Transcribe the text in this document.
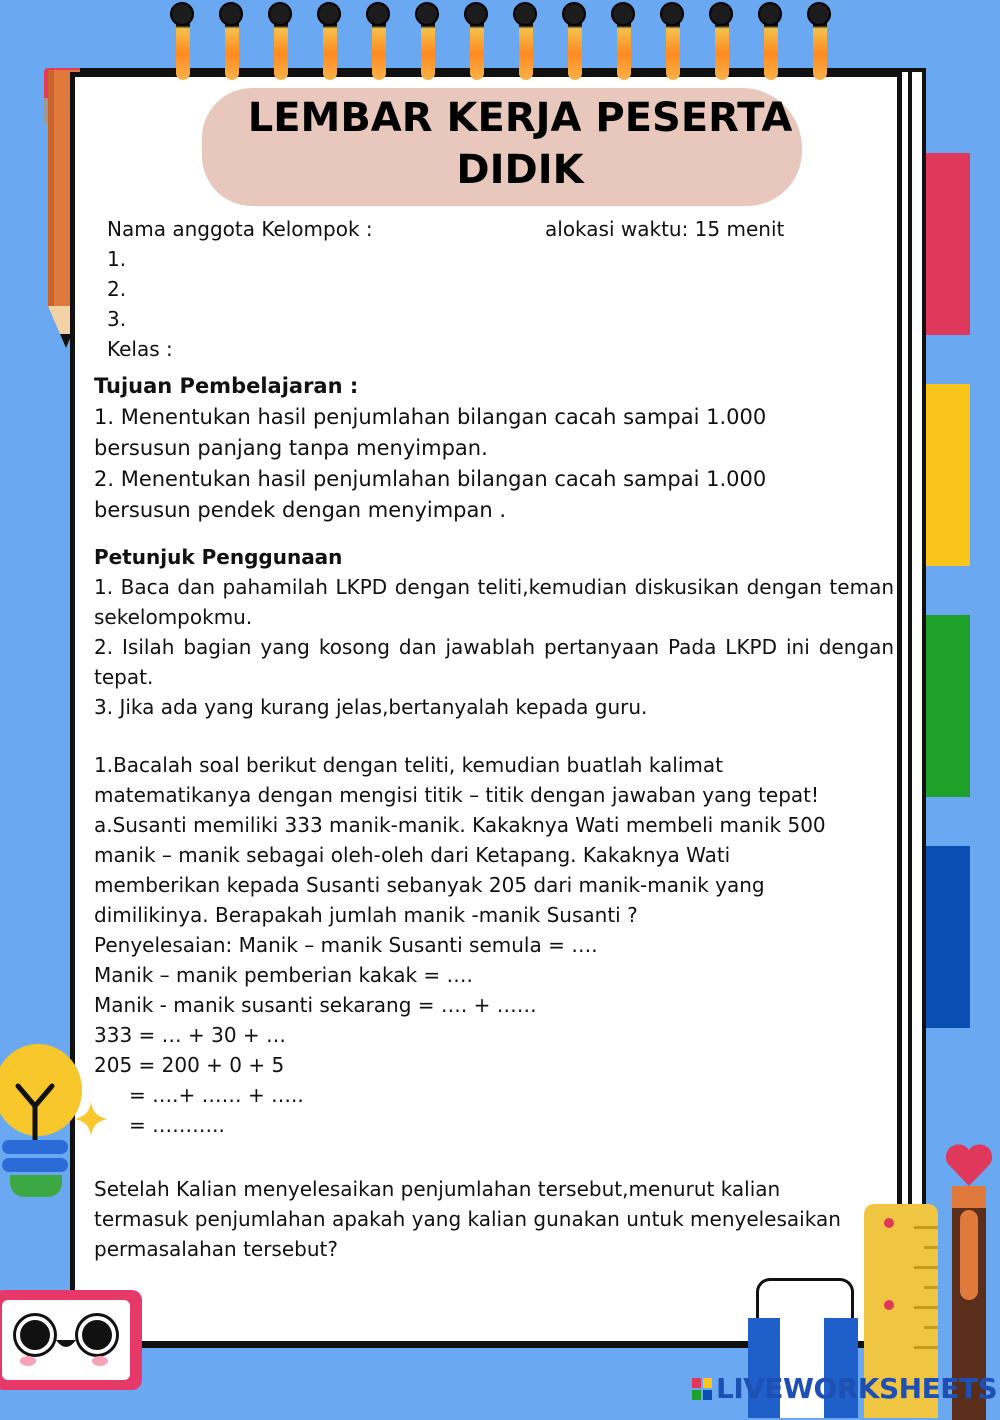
LEMBAR KERJA PESERTA
DIDIK
Nama anggota Kelompok :	alokasi waktu: 15 menit
1.
2.
3.
Kelas :
Tujuan Pembelajaran :
1. Menentukan hasil penjumlahan bilangan cacah sampai 1.000
bersusun panjang tanpa menyimpan.
2. Menentukan hasil penjumlahan bilangan cacah sampai 1.000
bersusun pendek dengan menyimpan .
Petunjuk Penggunaan
1. Baca dan pahamilah LKPD dengan teliti,kemudian diskusikan dengan teman sekelompokmu.
2. Isilah bagian yang kosong dan jawablah pertanyaan Pada LKPD ini dengan tepat.
3. Jika ada yang kurang jelas,bertanyalah kepada guru.
1.Bacalah soal berikut dengan teliti, kemudian buatlah kalimat
matematikanya dengan mengisi titik – titik dengan jawaban yang tepat!
a.Susanti memiliki 333 manik-manik. Kakaknya Wati membeli manik 500
manik – manik sebagai oleh-oleh dari Ketapang. Kakaknya Wati
memberikan kepada Susanti sebanyak 205 dari manik-manik yang
dimilikinya. Berapakah jumlah manik -manik Susanti ?
Penyelesaian: Manik – manik Susanti semula = ….
Manik – manik pemberian kakak = ….
Manik - manik susanti sekarang = …. + ……
333 = … + 30 + …
205 = 200 + 0 + 5
= ….+ …… + …..
= ………..
Setelah Kalian menyelesaikan penjumlahan tersebut,menurut kalian
termasuk penjumlahan apakah yang kalian gunakan untuk menyelesaikan
permasalahan tersebut?
LIVEWORKSHEETS
